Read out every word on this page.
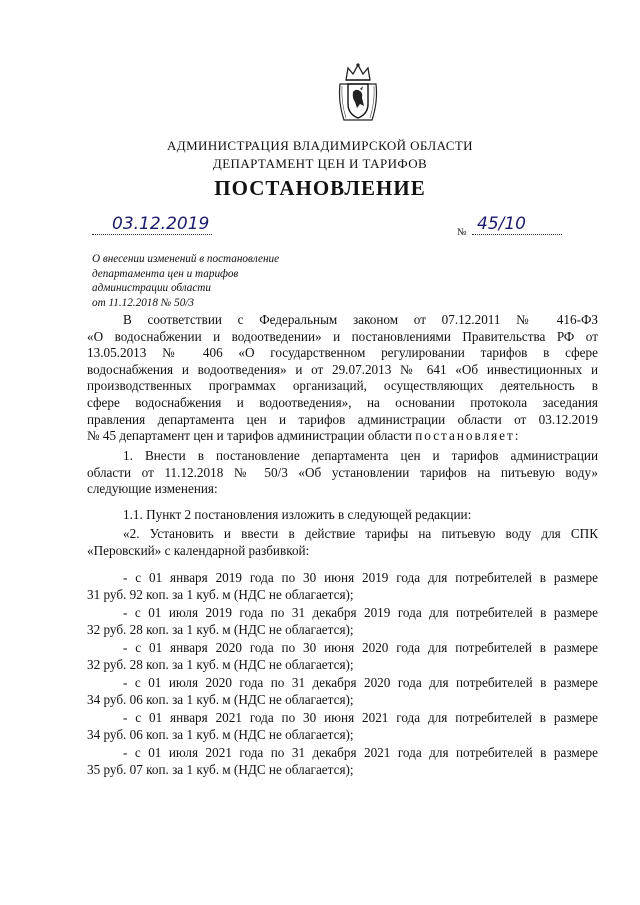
АДМИНИСТРАЦИЯ ВЛАДИМИРСКОЙ ОБЛАСТИ
ДЕПАРТАМЕНТ ЦЕН И ТАРИФОВ
ПОСТАНОВЛЕНИЕ
03.12.2019	№ 45/10
О внесении изменений в постановление
департамента цен и тарифов
администрации области
от 11.12.2018 № 50/3
В соответствии с Федеральным законом от 07.12.2011 № 416-ФЗ
«О водоснабжении и водоотведении» и постановлениями Правительства РФ от
13.05.2013 № 406 «О государственном регулировании тарифов в сфере
водоснабжения и водоотведения» и от 29.07.2013 № 641 «Об инвестиционных и
производственных программах организаций, осуществляющих деятельность в
сфере водоснабжения и водоотведения», на основании протокола заседания
правления департамента цен и тарифов администрации области от 03.12.2019
№ 45 департамент цен и тарифов администрации области постановляет:
1. Внести в постановление департамента цен и тарифов администрации
области от 11.12.2018 № 50/3 «Об установлении тарифов на питьевую воду»
следующие изменения:
1.1. Пункт 2 постановления изложить в следующей редакции:
«2. Установить и ввести в действие тарифы на питьевую воду для СПК
«Перовский» с календарной разбивкой:
- с 01 января 2019 года по 30 июня 2019 года для потребителей в размере
31 руб. 92 коп. за 1 куб. м (НДС не облагается);
- с 01 июля 2019 года по 31 декабря 2019 года для потребителей в размере
32 руб. 28 коп. за 1 куб. м (НДС не облагается);
- с 01 января 2020 года по 30 июня 2020 года для потребителей в размере
32 руб. 28 коп. за 1 куб. м (НДС не облагается);
- с 01 июля 2020 года по 31 декабря 2020 года для потребителей в размере
34 руб. 06 коп. за 1 куб. м (НДС не облагается);
- с 01 января 2021 года по 30 июня 2021 года для потребителей в размере
34 руб. 06 коп. за 1 куб. м (НДС не облагается);
- с 01 июля 2021 года по 31 декабря 2021 года для потребителей в размере
35 руб. 07 коп. за 1 куб. м (НДС не облагается);
